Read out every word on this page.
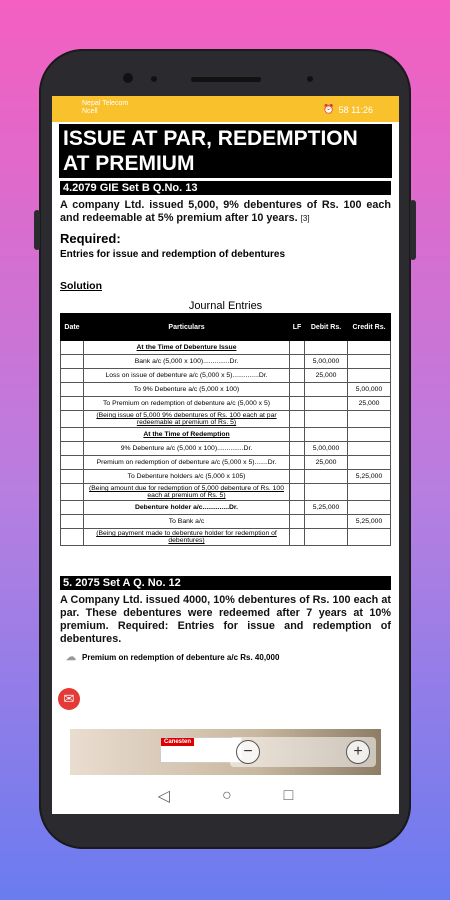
Nepal Telecom
Ncell	⏰ 58 11:26
ISSUE AT PAR, REDEMPTION AT PREMIUM
4.2079 GIE Set B Q.No. 13
A company Ltd. issued 5,000, 9% debentures of Rs. 100 each and redeemable at 5% premium after 10 years. [3]
Required:
Entries for issue and redemption of debentures
Solution
Journal Entries
Date	Particulars	LF	Debit Rs.	Credit Rs.
	At the Time of Debenture Issue			
	Bank a/c (5,000 x 100)..............Dr.		5,00,000	
	Loss on issue of debenture a/c (5,000 x 5)..............Dr.		25,000	
	To 9% Debenture a/c (5,000 x 100)			5,00,000
	To Premium on redemption of debenture a/c (5,000 x 5)			25,000
	(Being issue of 5,000 9% debentures of Rs. 100 each at par redeemable at premium of Rs. 5)			
	At the Time of Redemption			
	9% Debenture a/c (5,000 x 100)..............Dr.		5,00,000	
	Premium on redemption of debenture a/c (5,000 x 5).......Dr.		25,000	
	To Debenture holders a/c (5,000 x 105)			5,25,000
	(Being amount due for redemption of 5,000 debenture of Rs. 100 each at premium of Rs. 5)			
	Debenture holder a/c..............Dr.		5,25,000	
	To Bank a/c			5,25,000
	(Being payment made to debenture holder for redemption of debentures)			
5. 2075 Set A Q. No. 12
A Company Ltd. issued 4000, 10% debentures of Rs. 100 each at par. These debentures were redeemed after 7 years at 10% premium. Required: Entries for issue and redemption of debentures.
☁ Premium on redemption of debenture a/c Rs. 40,000
✉
Canesten
−	+
◁	○	□
